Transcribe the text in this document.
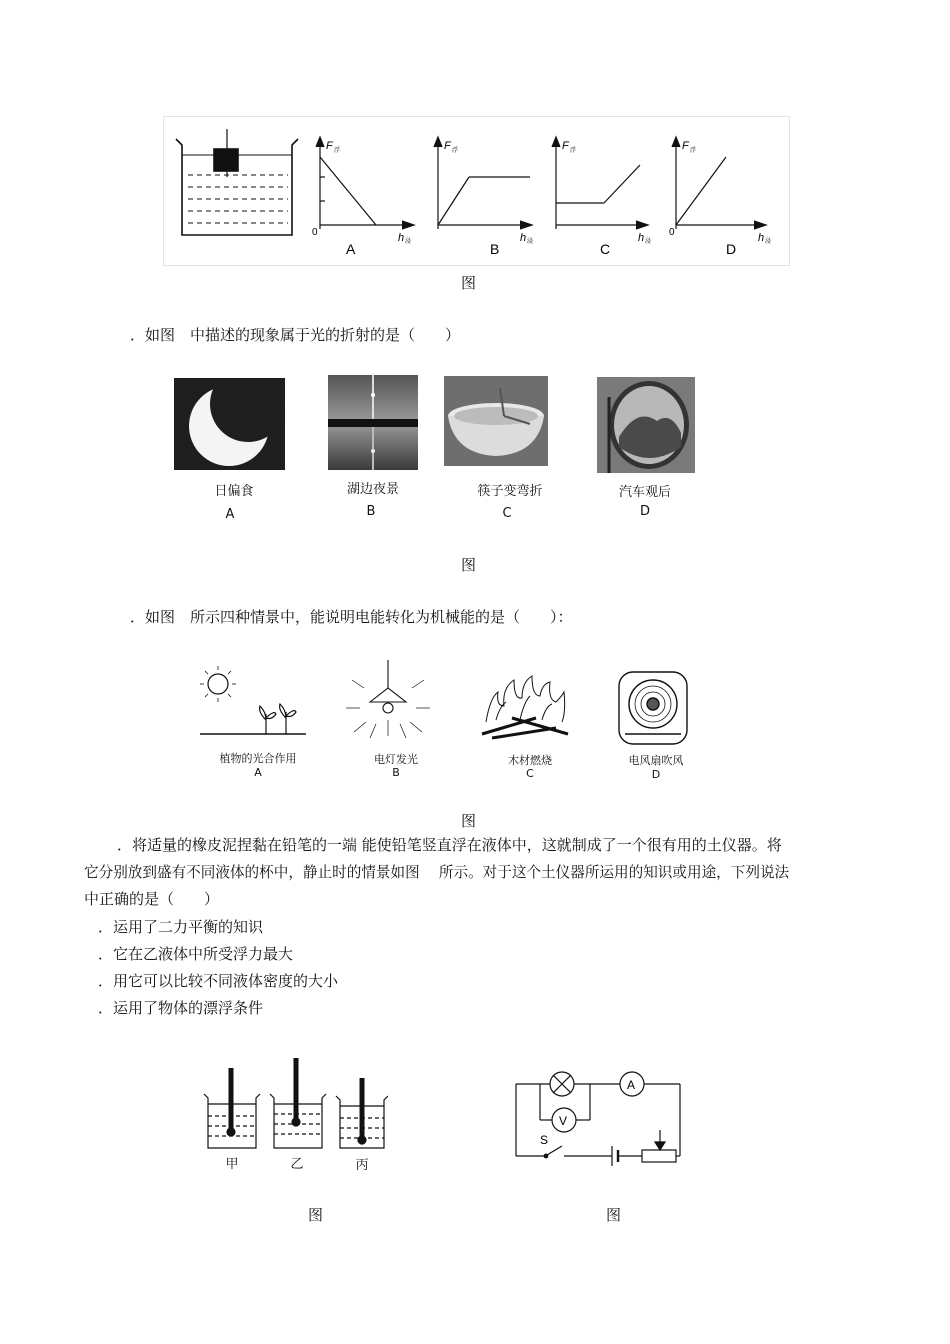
F 浮
0	h 浸
A
F 浮
h 浸
B
F 浮
h 浸
C
F 浮
0	h 浸
D
图
．如图　中描述的现象属于光的折射的是（　　）
日偏食	湖边夜景	筷子变弯折	汽车观后
A	B	C	D
图
．如图　所示四种情景中，能说明电能转化为机械能的是（　　）：
植物的光合作用	电灯发光	木材燃烧	电风扇吹风
A	B	C	D
图
．将适量的橡皮泥捏黏在铅笔的一端 能使铅笔竖直浮在液体中，这就制成了一个很有用的土仪器。将
它分别放到盛有不同液体的杯中，静止时的情景如图　 所示。对于这个土仪器所运用的知识或用途，下列说法
中正确的是（　　）
．运用了二力平衡的知识
．它在乙液体中所受浮力最大
．用它可以比较不同液体密度的大小
．运用了物体的漂浮条件
甲	乙	丙
图
A
V
S
图
